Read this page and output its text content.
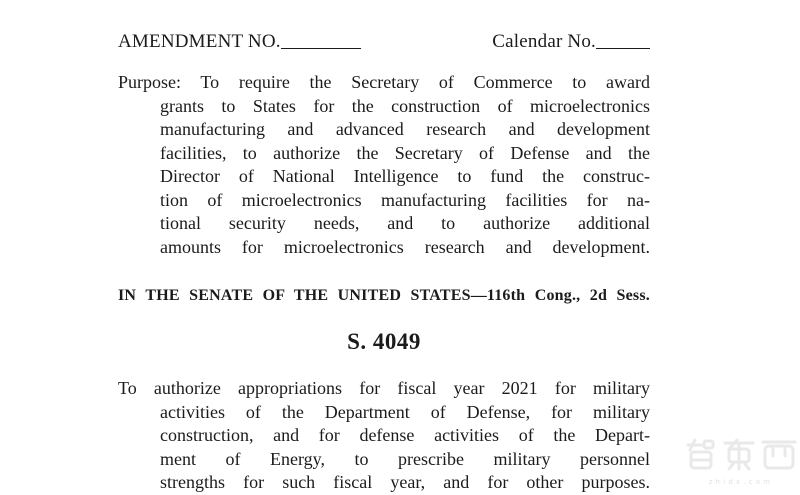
AMENDMENT NO.	Calendar No.
Purpose: To require the Secretary of Commerce to award
grants to States for the construction of microelectronics
manufacturing and advanced research and development
facilities, to authorize the Secretary of Defense and the
Director of National Intelligence to fund the construc-
tion of microelectronics manufacturing facilities for na-
tional security needs, and to authorize additional
amounts for microelectronics research and development.
IN THE SENATE OF THE UNITED STATES—116th Cong., 2d Sess.
S. 4049
To authorize appropriations for fiscal year 2021 for military
activities of the Department of Defense, for military
construction, and for defense activities of the Depart-
ment of Energy, to prescribe military personnel
strengths for such fiscal year, and for other purposes.	zhidx.com
